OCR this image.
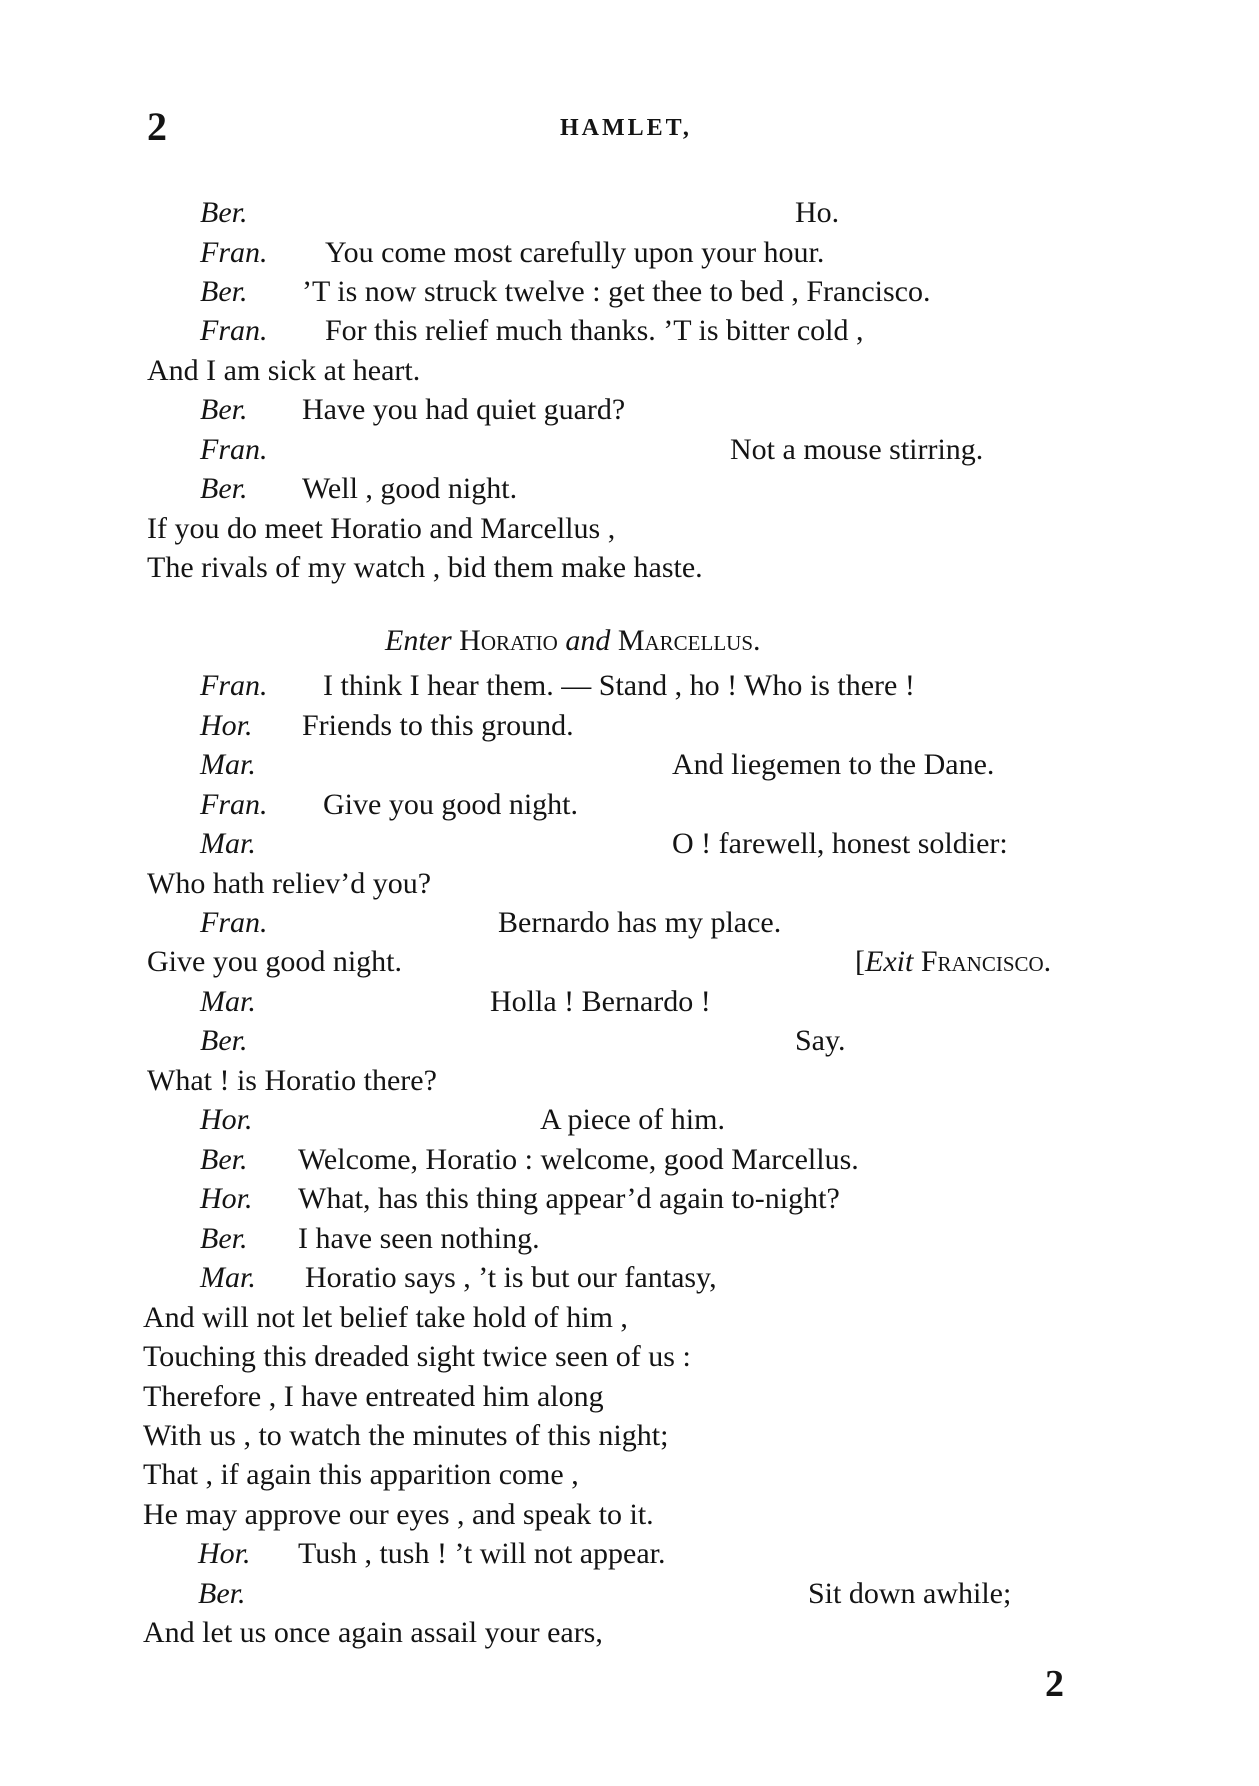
2	HAMLET,
Ber.	Ho.
Fran. You come most carefully upon your hour.
Ber. ’T is now struck twelve : get thee to bed , Francisco.
Fran. For this relief much thanks. ’T is bitter cold ,
And I am sick at heart.
Ber. Have you had quiet guard?
Fran.	Not a mouse stirring.
Ber. Well , good night.
If you do meet Horatio and Marcellus ,
The rivals of my watch , bid them make haste.
Enter Horatio and Marcellus.
Fran. I think I hear them. — Stand , ho ! Who is there !
Hor. Friends to this ground.
Mar.	And liegemen to the Dane.
Fran. Give you good night.
Mar.	O ! farewell, honest soldier:
Who hath reliev’d you?
Fran.	Bernardo has my place.
Give you good night.	[Exit Francisco.
Mar.	Holla ! Bernardo !
Ber.	Say.
What ! is Horatio there?
Hor.	A piece of him.
Ber. Welcome, Horatio : welcome, good Marcellus.
Hor. What, has this thing appear’d again to-night?
Ber. I have seen nothing.
Mar. Horatio says , ’t is but our fantasy,
And will not let belief take hold of him ,
Touching this dreaded sight twice seen of us :
Therefore , I have entreated him along
With us , to watch the minutes of this night;
That , if again this apparition come ,
He may approve our eyes , and speak to it.
Hor. Tush , tush ! ’t will not appear.
Ber.	Sit down awhile;
And let us once again assail your ears,
2
